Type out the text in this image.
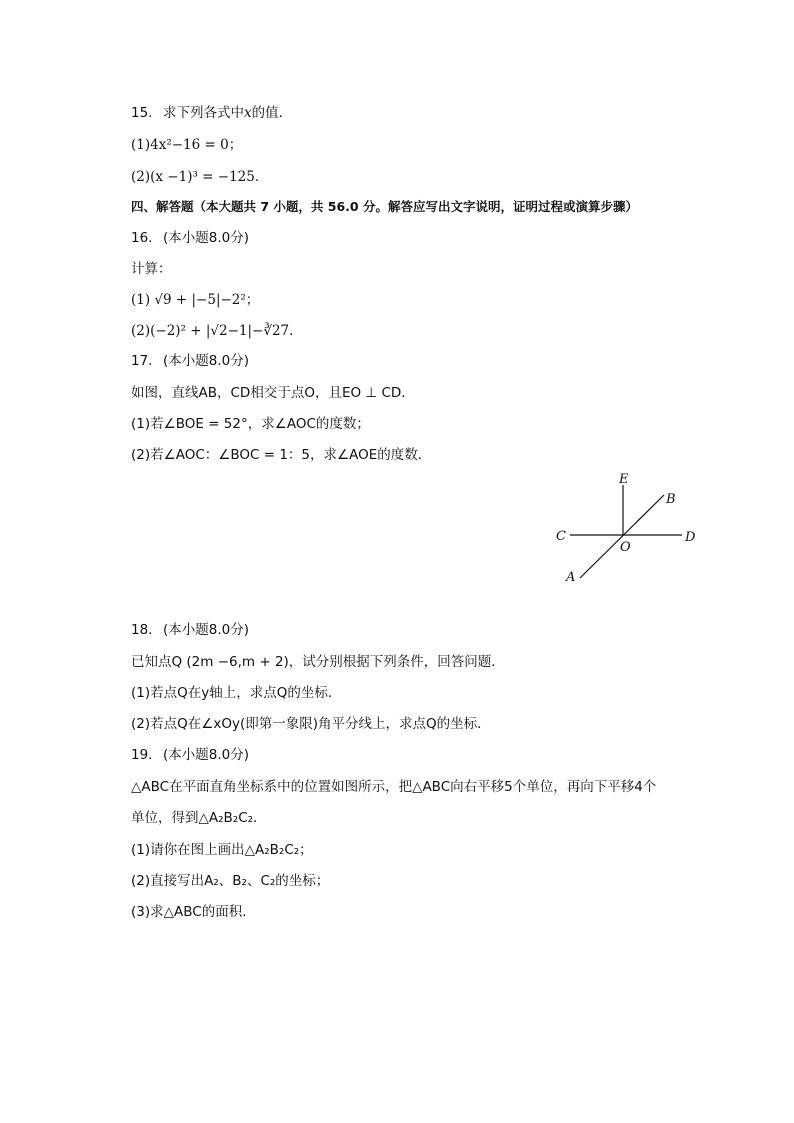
15. 求下列各式中x的值．
(1)4x²−16 = 0；
(2)(x −1)³ = −125．
四、解答题（本大题共 7 小题，共 56.0 分。解答应写出文字说明，证明过程或演算步骤）
16. (本小题8.0分)
计算：
(1) √9 + |−5|−2²；
(2)(−2)² + |√2−1|−∛27．
17. (本小题8.0分)
如图，直线AB，CD相交于点O，且EO ⊥ CD．
(1)若∠BOE = 52°，求∠AOC的度数；
(2)若∠AOC：∠BOC = 1：5，求∠AOE的度数．
E
B
C
O
D
A
18. (本小题8.0分)
已知点Q (2m −6,m + 2)，试分别根据下列条件，回答问题．
(1)若点Q在y轴上，求点Q的坐标．
(2)若点Q在∠xOy(即第一象限)角平分线上，求点Q的坐标．
19. (本小题8.0分)
△ABC在平面直角坐标系中的位置如图所示，把△ABC向右平移5个单位，再向下平移4个
单位，得到△A₂B₂C₂．
(1)请你在图上画出△A₂B₂C₂；
(2)直接写出A₂、B₂、C₂的坐标；
(3)求△ABC的面积．
